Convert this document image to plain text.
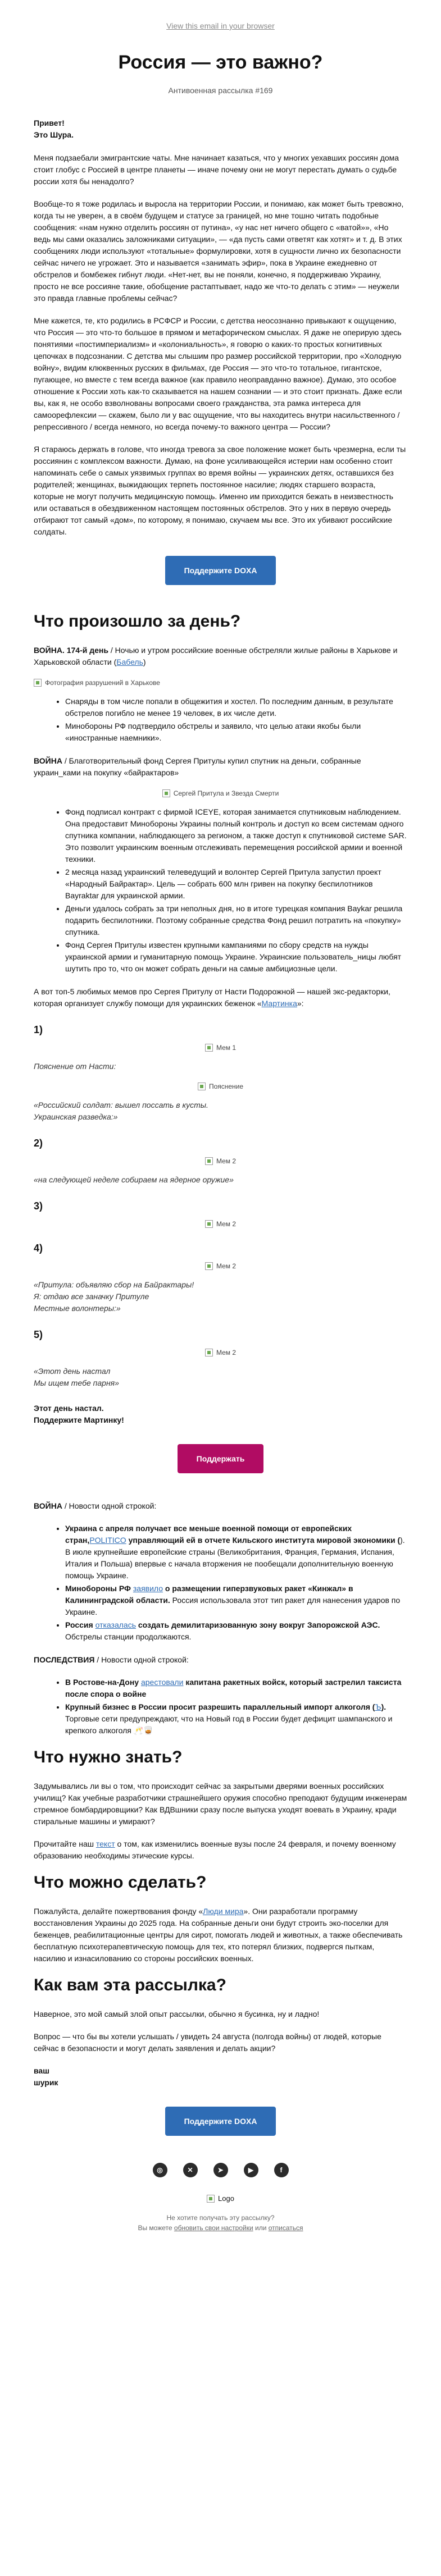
View this email in your browser
Россия — это важно?
Антивоенная рассылка #169

Привет!
Это Шура.

Меня подзаебали эмигрантские чаты. Мне начинает казаться, что у многих уехавших россиян дома стоит глобус с Россией в центре планеты — иначе почему они не могут перестать думать о судьбе россии хотя бы ненадолго?

Вообще-то я тоже родилась и выросла на территории России, и понимаю, как может быть тревожно, когда ты не уверен, а в своём будущем и статусе за границей, но мне тошно читать подобные сообщения: «нам нужно отделить россиян от путина», «у нас нет ничего общего с «ватой»», «Но ведь мы сами оказались заложниками ситуации», — «да пусть сами ответят как хотят» и т. д. В этих сообщениях люди используют «тотальные» формулировки, хотя в сущности лично их безопасности сейчас ничего не угрожает. Это и называется «занимать эфир», пока в Украине ежедневно от обстрелов и бомбежек гибнут люди. «Нет-нет, вы не поняли, конечно, я поддерживаю Украину, просто не все россияне такие, обобщение растаптывает, надо же что-то делать с этим» — неужели это правда главные проблемы сейчас?

Мне кажется, те, кто родились в РСФСР и России, с детства неосознанно привыкают к ощущению, что Россия — это что-то большое в прямом и метафорическом смыслах. Я даже не оперирую здесь понятиями «постимпериализм» и «колониальность», я говорю о каких-то простых когнитивных цепочках в подсознании. С детства мы слышим про размер российской территории, про «Холодную войну», видим клюквенных русских в фильмах, где Россия — это что-то тотальное, гигантское, пугающее, но вместе с тем всегда важное (как правило неоправданно важное). Думаю, это особое отношение к России хоть как-то сказывается на нашем сознании — и это стоит признать. Даже если вы, как я, не особо взволнованы вопросами своего гражданства, эта рамка интереса для самоорефлексии — скажем, было ли у вас ощущение, что вы находитесь внутри насильственного / репрессивного / всегда немного, но всегда почему-то важного центра — России?

Я стараюсь держать в голове, что иногда тревога за свое положение может быть чрезмерна, если ты россиянин с комплексом важности. Думаю, на фоне усиливающейся истерии нам особенно стоит напоминать себе о самых уязвимых группах во время войны — украинских детях, оставшихся без родителей; женщинах, выжидающих терпеть постоянное насилие; людях старшего возраста, которые не могут получить медицинскую помощь. Именно им приходится бежать в неизвестность или оставаться в обездвиженном настоящем постоянных обстрелов. Это у них в первую очередь отбирают тот самый «дом», по которому, я понимаю, скучаем мы все. Это их убивают российские солдаты.

Поддержите DOXA
Что произошло за день?

ВОЙНА. 174-й день / Ночью и утром российские военные обстреляли жилые районы в Харькове и Харьковской области (Бабель)

Фотография разрушений в Харькове
• Снаряды в том числе попали в общежития и хостел. По последним данным, в результате обстрелов погибло не менее 19 человек, в их числе дети.
• Минобороны РФ подтвердило обстрелы и заявило, что целью атаки якобы были «иностранные наемники».

ВОЙНА / Благотворительный фонд Сергея Притулы купил спутник на деньги, собранные украин_ками на покупку «байрактаров»

Сергей Притула и Звезда Смерти
• Фонд подписал контракт с фирмой ICEYE, которая занимается спутниковым наблюдением. Она предоставит Минобороны Украины полный контроль и доступ ко всем системам одного спутника компании, наблюдающего за регионом, а также доступ к спутниковой системе SAR. Это позволит украинским военным отслеживать перемещения российской армии и военной техники.
• 2 месяца назад украинский телеведущий и волонтер Сергей Притула запустил проект «Народный Байрактар». Цель — собрать 600 млн гривен на покупку беспилотников Bayraktar для украинской армии.
• Деньги удалось собрать за три неполных дня, но в итоге турецкая компания Baykar решила подарить беспилотники. Поэтому собранные средства Фонд решил потратить на «покупку» спутника.
• Фонд Сергея Притулы известен крупными кампаниями по сбору средств на нужды украинской армии и гуманитарную помощь Украине. Украинские пользователь_ницы любят шутить про то, что он может собрать деньги на самые амбициозные цели.

А вот топ-5 любимых мемов про Сергея Притулу от Насти Подорожной — нашей экс-редакторки, которая организует службу помощи для украинских беженок «Мартинка»:

1)
Мем 1
Пояснение от Насти:
Пояснение
«Российский солдат: вышел поссать в кусты.
Украинская разведка:»
2)
Мем 2
«на следующей неделе собираем на ядерное оружие»
3)
Мем 2
4)
Мем 2
«Притула: объявляю сбор на Байрактары!
Я: отдаю все заначку Притуле
Местные волонтеры:»
5)
Мем 2
«Этот день настал
Мы ищем тебе парня»

Этот день настал.
Поддержите Мартинку!

Поддержать

ВОЙНА / Новости одной строкой:

• Украина с апреля получает все меньше военной помощи от европейских стран,POLITICO управляющий ей в отчете Кильского института мировой экономики (). В июле крупнейшие европейские страны (Великобритания, Франция, Германия, Испания, Италия и Польша) впервые с начала вторжения не пообещали дополнительную военную помощь Украине.
• Минобороны РФ заявило о размещении гиперзвуковых ракет «Кинжал» в Калининградской области. Россия использовала этот тип ракет для нанесения ударов по Украине.
• Россия отказалась создать демилитаризованную зону вокруг Запорожской АЭС. Обстрелы станции продолжаются.

ПОСЛЕДСТВИЯ / Новости одной строкой:

• В Ростове-на-Дону арестовали капитана ракетных войск, который застрелил таксиста после спора о войне
• Крупный бизнес в России просит разрешить параллельный импорт алкоголя (Ъ). Торговые сети предупреждают, что на Новый год в России будет дефицит шампанского и крепкого алкоголя 🥂🥃
Что нужно знать?

Задумывались ли вы о том, что происходит сейчас за закрытыми дверями военных российских училищ? Как учебные разработчики страшнейшего оружия способно преподают будущим инженерам стремное бомбардировщики? Как ВДВшники сразу после выпуска уходят воевать в Украину, кради стиральные машины и умирают?

Прочитайте наш текст о том, как изменились военные вузы после 24 февраля, и почему военному образованию необходимы этические курсы.

Что можно сделать?

Пожалуйста, делайте пожертвования фонду «Люди мира». Они разработали программу восстановления Украины до 2025 года. На собранные деньги они будут строить эко-поселки для беженцев, реабилитационные центры для сирот, помогать людей и животных, а также обеспечивать бесплатную психотерапевтическую помощь для тех, кто потерял близких, подвергся пыткам, насилию и изнасилованию со стороны российских военных.

Как вам эта рассылка?

Наверное, это мой самый злой опыт рассылки, обычно я бусинка, ну и ладно!

Вопрос — что бы вы хотели услышать / увидеть 24 августа (полгода войны) от людей, которые сейчас в безопасности и могут делать заявления и делать акции?

ваш
шурик

Поддержите DOXA
◎	✕	➤	▶	f
Logo
Не хотите получать эту рассылку?
Вы можете обновить свои настройки или отписаться
